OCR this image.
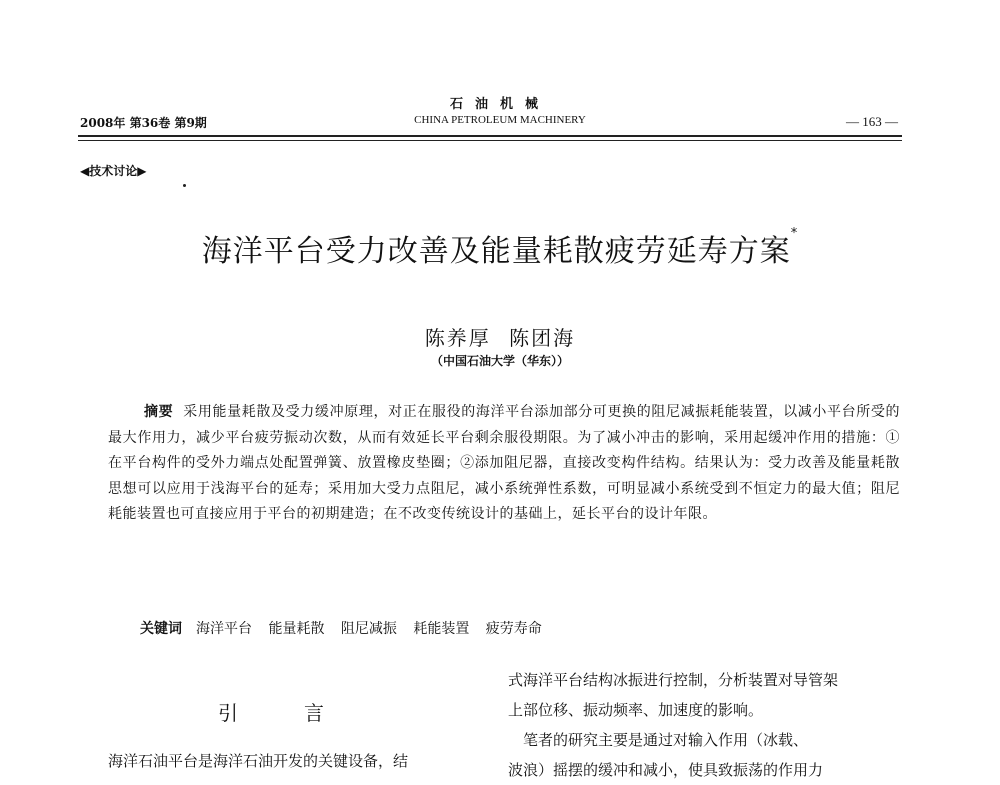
石油机械
CHINA PETROLEUM MACHINERY
2008年 第36卷 第9期	— 163 —
◀技术讨论▶
海洋平台受力改善及能量耗散疲劳延寿方案*
陈养厚 陈团海
（中国石油大学（华东））
摘要 采用能量耗散及受力缓冲原理，对正在服役的海洋平台添加部分可更换的阻尼减振耗能装置，以减小平台所受的最大作用力，减少平台疲劳振动次数，从而有效延长平台剩余服役期限。为了减小冲击的影响，采用起缓冲作用的措施：①在平台构件的受外力端点处配置弹簧、放置橡皮垫圈；②添加阻尼器，直接改变构件结构。结果认为：受力改善及能量耗散思想可以应用于浅海平台的延寿；采用加大受力点阻尼，减小系统弹性系数，可明显减小系统受到不恒定力的最大值；阻尼耗能装置也可直接应用于平台的初期建造；在不改变传统设计的基础上，延长平台的设计年限。
关键词 海洋平台 能量耗散 阻尼减振 耗能装置 疲劳寿命
引言
海洋石油平台是海洋石油开发的关键设备，结
式海洋平台结构冰振进行控制，分析装置对导管架
上部位移、振动频率、加速度的影响。
　笔者的研究主要是通过对输入作用（冰载、
波浪）摇摆的缓冲和减小，使具致振荡的作用力
